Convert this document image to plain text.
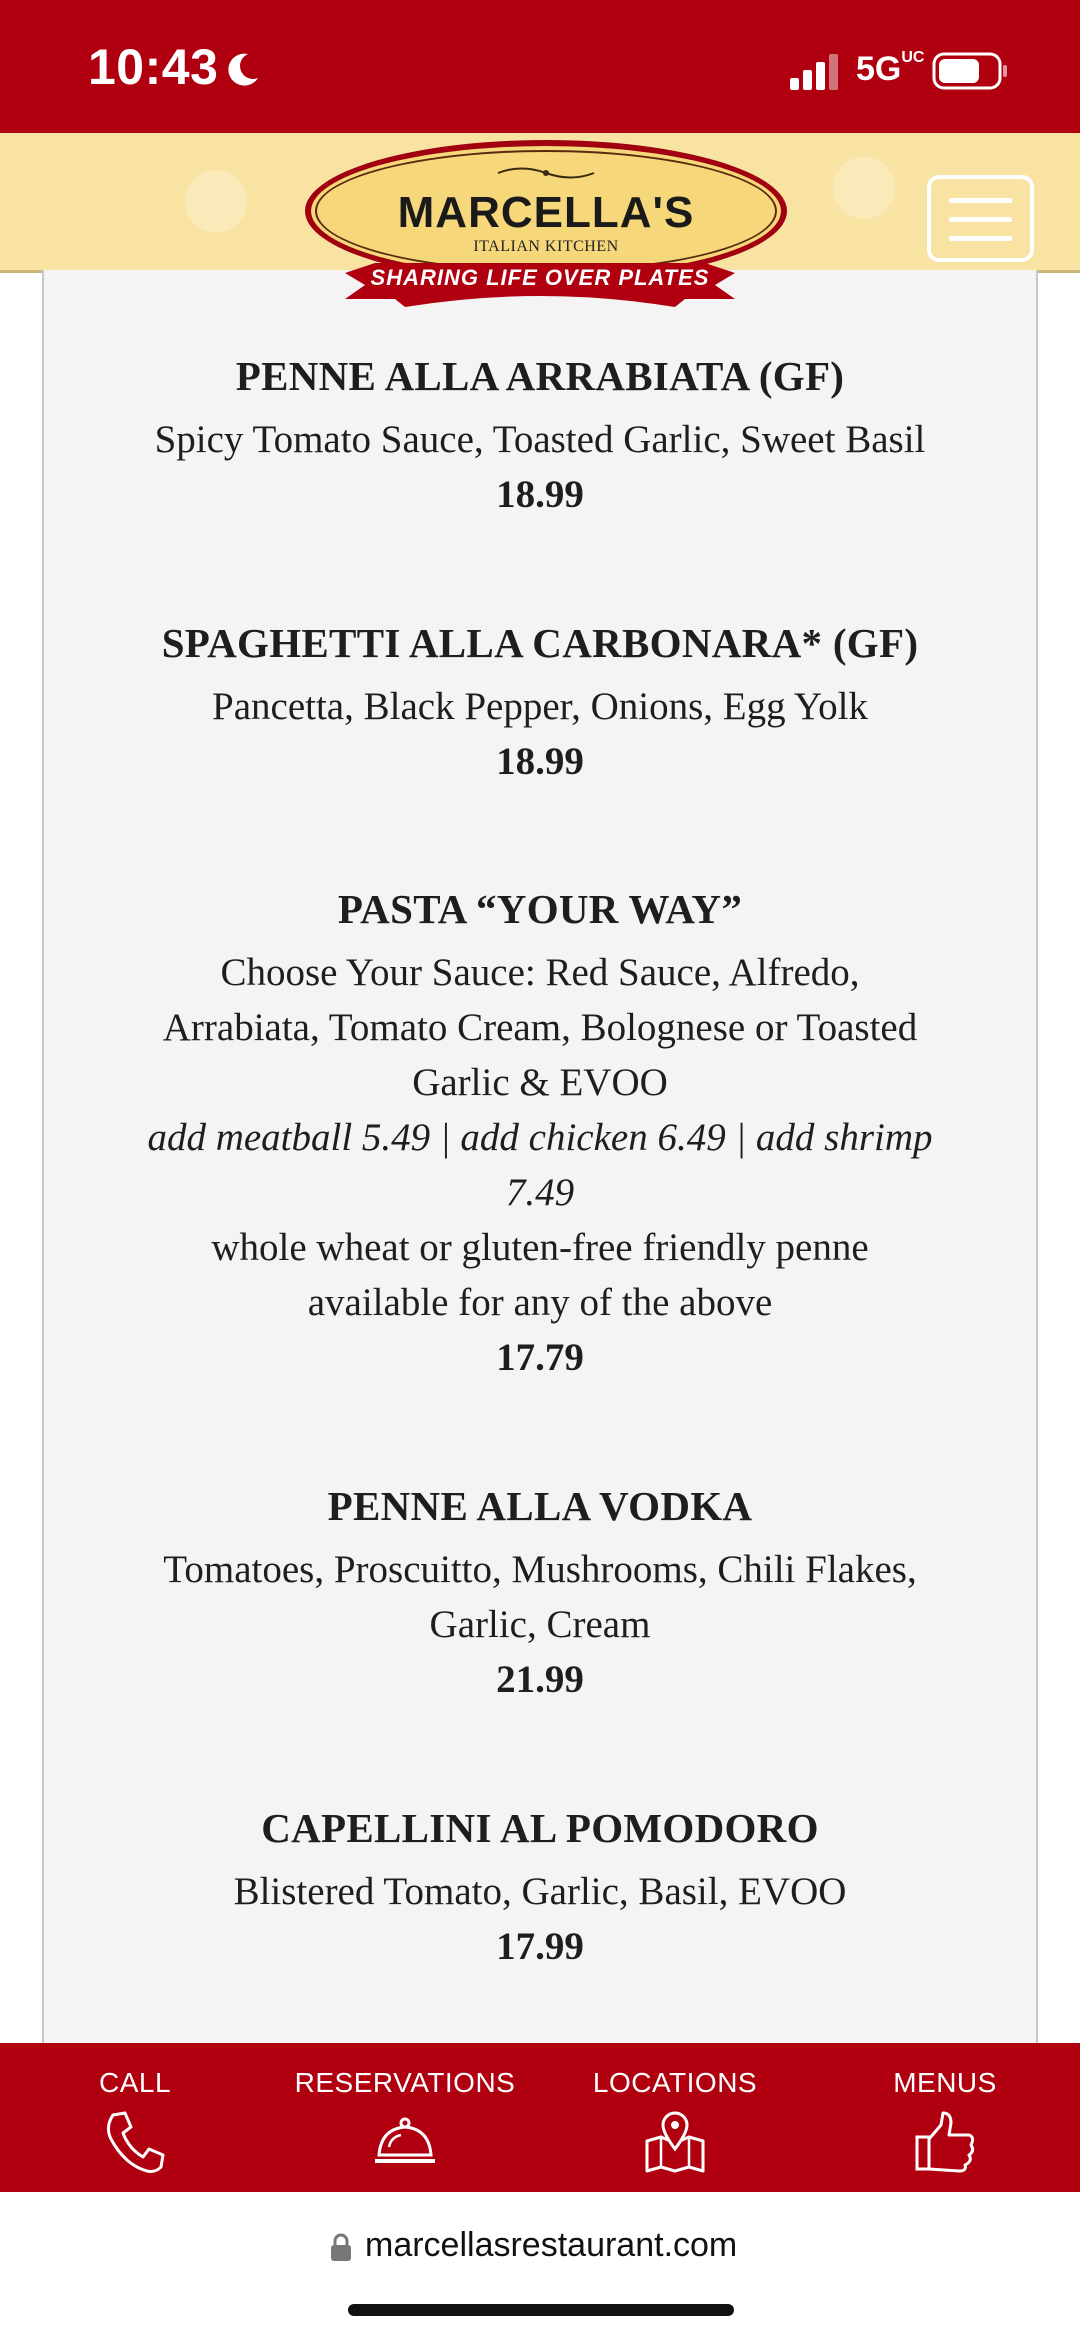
10:43	5GUC
MARCELLA'S
ITALIAN KITCHEN
SHARING LIFE OVER PLATES
PENNE ALLA ARRABIATA (GF)
Spicy Tomato Sauce, Toasted Garlic, Sweet Basil
18.99
SPAGHETTI ALLA CARBONARA* (GF)
Pancetta, Black Pepper, Onions, Egg Yolk
18.99
PASTA “YOUR WAY”
Choose Your Sauce: Red Sauce, Alfredo,
Arrabiata, Tomato Cream, Bolognese or Toasted
Garlic & EVOO
add meatball 5.49 | add chicken 6.49 | add shrimp
7.49
whole wheat or gluten-free friendly penne
available for any of the above
17.79
PENNE ALLA VODKA
Tomatoes, Proscuitto, Mushrooms, Chili Flakes,
Garlic, Cream
21.99
CAPELLINI AL POMODORO
Blistered Tomato, Garlic, Basil, EVOO
17.99
CALL	RESERVATIONS	LOCATIONS	MENUS
marcellasrestaurant.com
